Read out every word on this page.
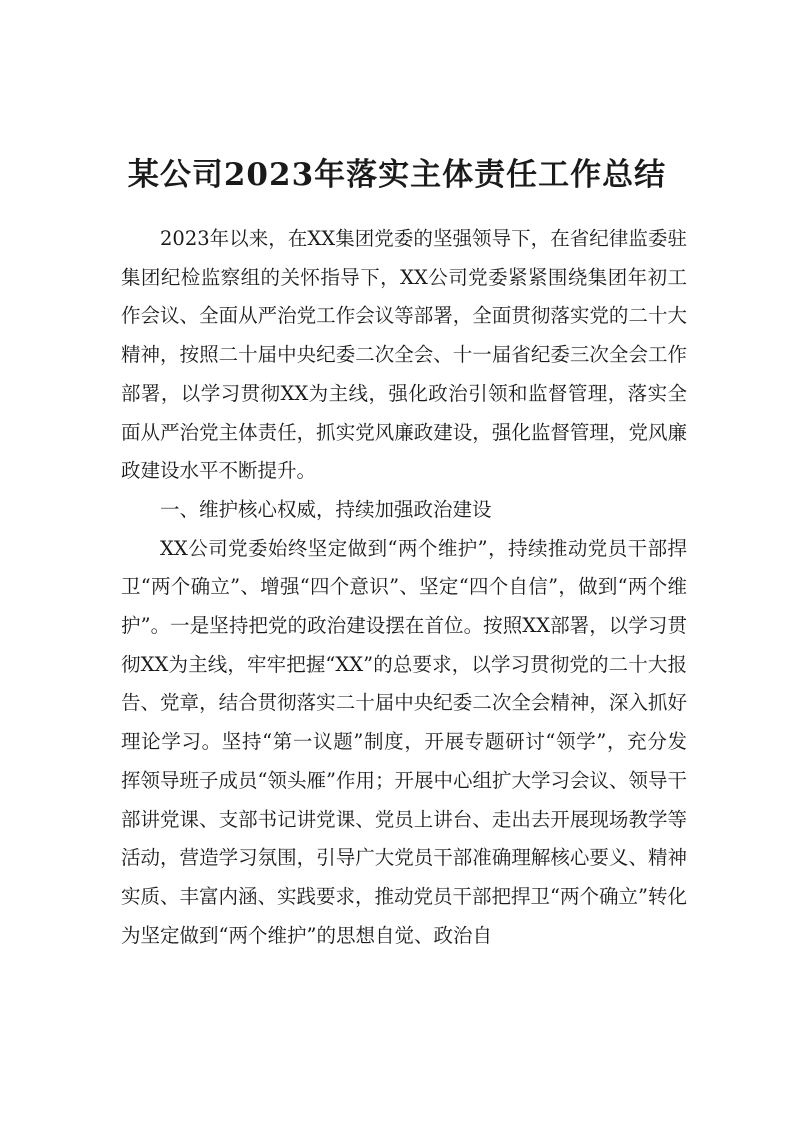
某公司2023年落实主体责任工作总结

2023年以来，在XX集团党委的坚强领导下，在省纪律监委驻集团纪检监察组的关怀指导下，XX公司党委紧紧围绕集团年初工作会议、全面从严治党工作会议等部署，全面贯彻落实党的二十大精神，按照二十届中央纪委二次全会、十一届省纪委三次全会工作部署，以学习贯彻XX为主线，强化政治引领和监督管理，落实全面从严治党主体责任，抓实党风廉政建设，强化监督管理，党风廉政建设水平不断提升。

一、维护核心权威，持续加强政治建设

XX公司党委始终坚定做到“两个维护”，持续推动党员干部捍卫“两个确立”、增强“四个意识”、坚定“四个自信”，做到“两个维护”。一是坚持把党的政治建设摆在首位。按照XX部署，以学习贯彻XX为主线，牢牢把握“XX”的总要求，以学习贯彻党的二十大报告、党章，结合贯彻落实二十届中央纪委二次全会精神，深入抓好理论学习。坚持“第一议题”制度，开展专题研讨“领学”，充分发挥领导班子成员“领头雁”作用；开展中心组扩大学习会议、领导干部讲党课、支部书记讲党课、党员上讲台、走出去开展现场教学等活动，营造学习氛围，引导广大党员干部准确理解核心要义、精神实质、丰富内涵、实践要求，推动党员干部把捍卫“两个确立”转化为坚定做到“两个维护”的思想自觉、政治自
